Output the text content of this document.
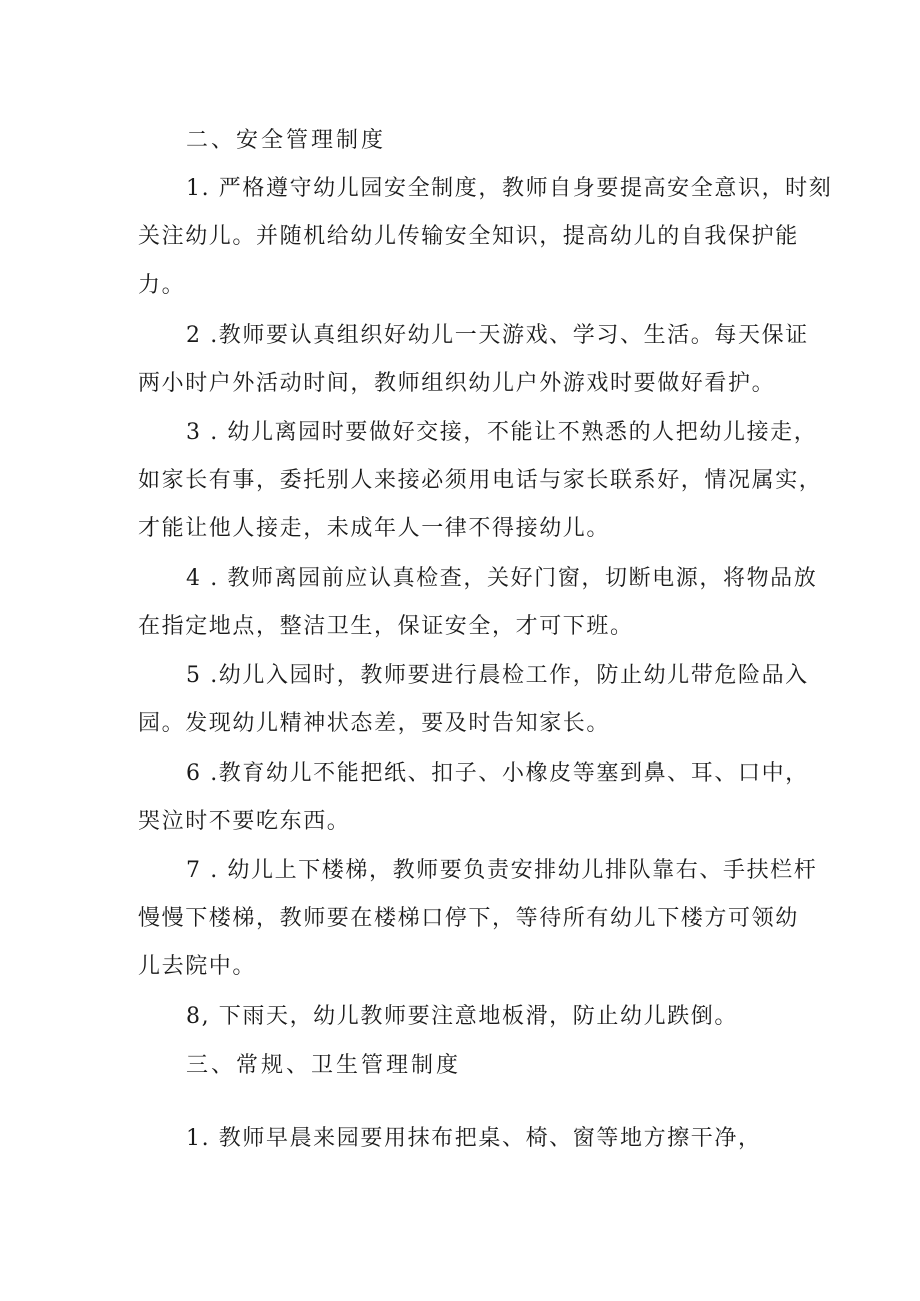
二、安全管理制度
1. 严格遵守幼儿园安全制度，教师自身要提高安全意识，时刻
关注幼儿。并随机给幼儿传输安全知识，提高幼儿的自我保护能
力。
2 .教师要认真组织好幼儿一天游戏、学习、生活。每天保证
两小时户外活动时间，教师组织幼儿户外游戏时要做好看护。
3 . 幼儿离园时要做好交接，不能让不熟悉的人把幼儿接走，
如家长有事，委托别人来接必须用电话与家长联系好，情况属实，
才能让他人接走，未成年人一律不得接幼儿。
4 . 教师离园前应认真检查，关好门窗，切断电源，将物品放
在指定地点，整洁卫生，保证安全，才可下班。
5 .幼儿入园时，教师要进行晨检工作，防止幼儿带危险品入
园。发现幼儿精神状态差，要及时告知家长。
6 .教育幼儿不能把纸、扣子、小橡皮等塞到鼻、耳、口中，
哭泣时不要吃东西。
7 . 幼儿上下楼梯，教师要负责安排幼儿排队靠右、手扶栏杆
慢慢下楼梯，教师要在楼梯口停下，等待所有幼儿下楼方可领幼
儿去院中。
8, 下雨天，幼儿教师要注意地板滑，防止幼儿跌倒。
三、常规、卫生管理制度
1. 教师早晨来园要用抹布把桌、椅、窗等地方擦干净，
